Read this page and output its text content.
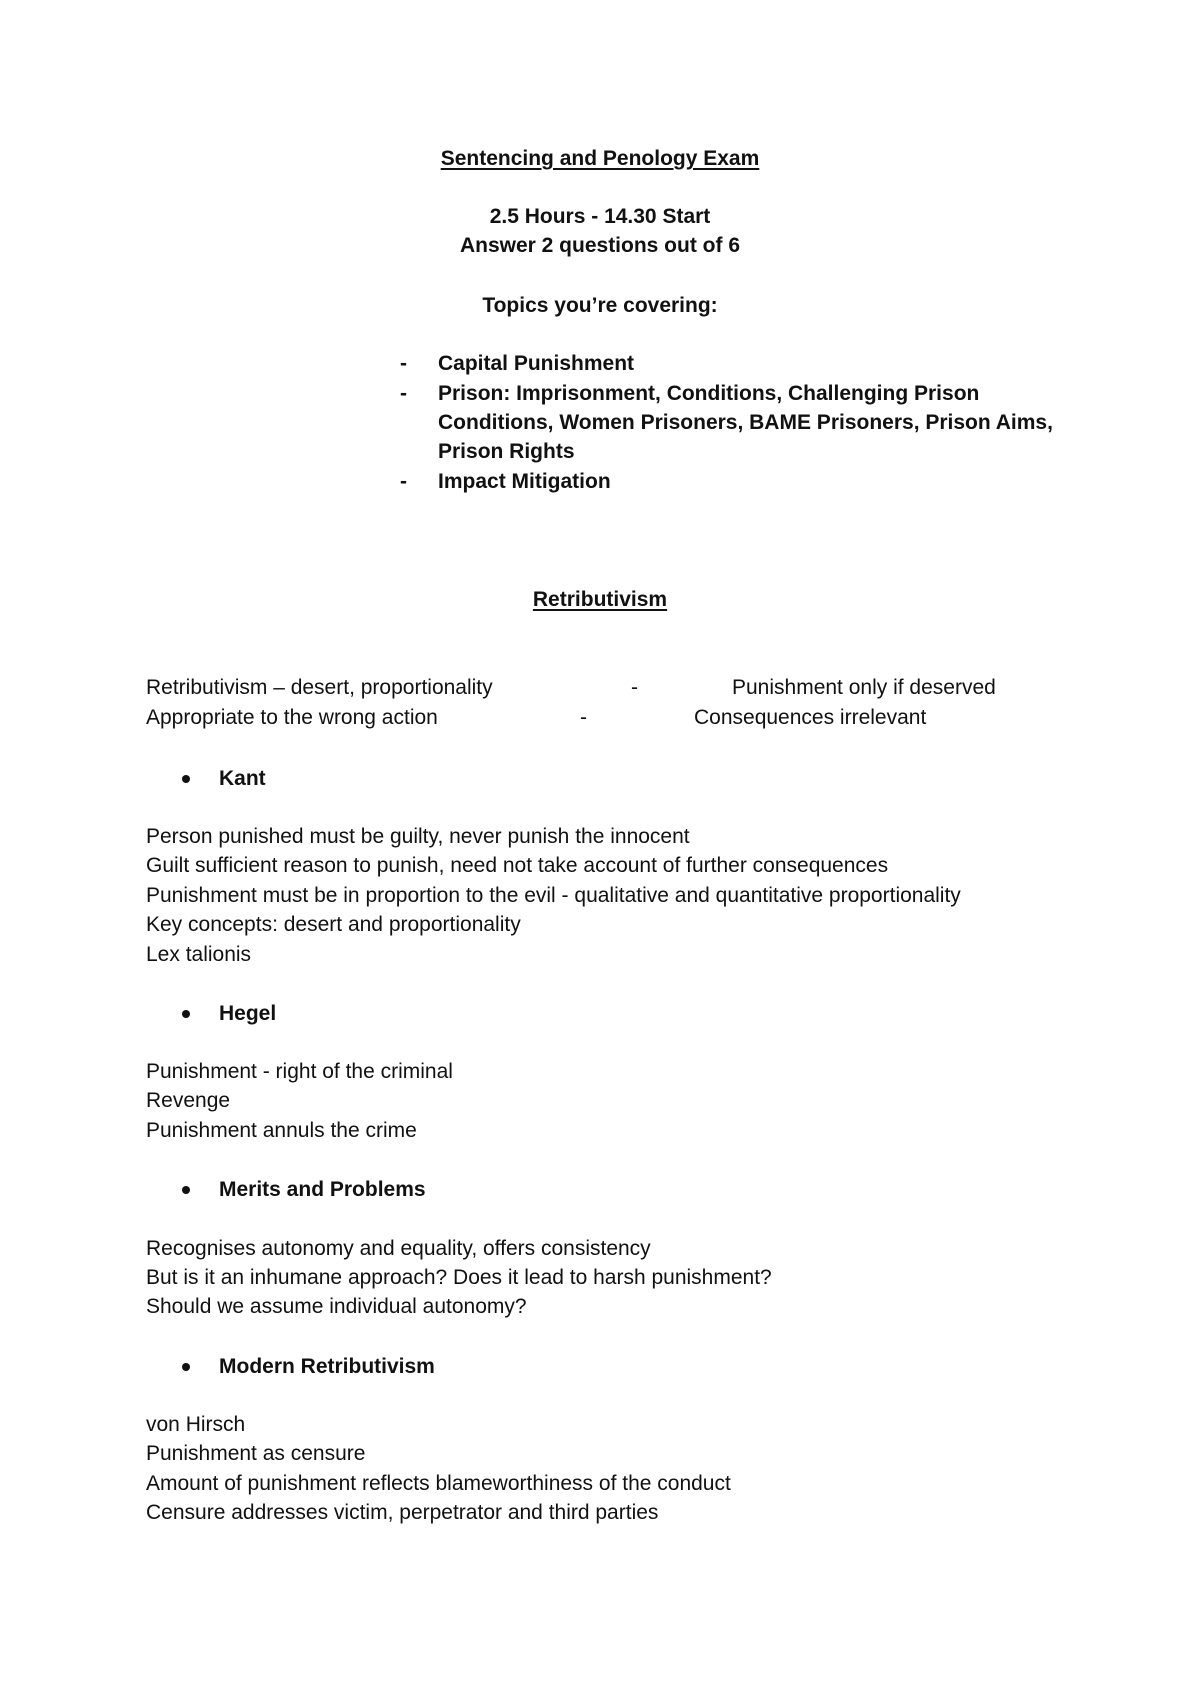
Sentencing and Penology Exam
2.5 Hours - 14.30 Start
Answer 2 questions out of 6
Topics you’re covering:
- Capital Punishment
- Prison: Imprisonment, Conditions, Challenging Prison Conditions, Women Prisoners, BAME Prisoners, Prison Aims, Prison Rights
- Impact Mitigation
Retributivism
Retributivism – desert, proportionality	-	Punishment only if deserved
Appropriate to the wrong action	-	Consequences irrelevant
Kant
Person punished must be guilty, never punish the innocent
Guilt sufficient reason to punish, need not take account of further consequences
Punishment must be in proportion to the evil - qualitative and quantitative proportionality
Key concepts: desert and proportionality
Lex talionis
Hegel
Punishment - right of the criminal
Revenge
Punishment annuls the crime
Merits and Problems
Recognises autonomy and equality, offers consistency
But is it an inhumane approach? Does it lead to harsh punishment?
Should we assume individual autonomy?
Modern Retributivism
von Hirsch
Punishment as censure
Amount of punishment reflects blameworthiness of the conduct
Censure addresses victim, perpetrator and third parties
